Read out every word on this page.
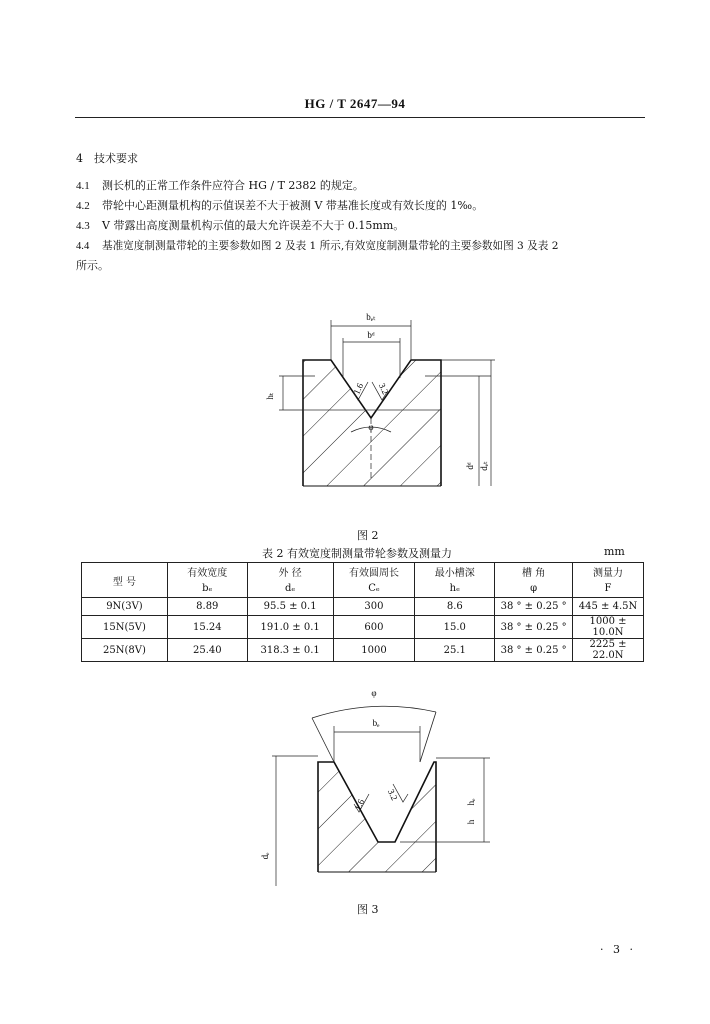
HG / T 2647—94
4 技术要求
4.1 测长机的正常工作条件应符合 HG / T 2382 的规定。
4.2 带轮中心距测量机构的示值误差不大于被测 V 带基准长度或有效长度的 1‰。
4.3 V 带露出高度测量机构示值的最大允许误差不大于 0.15mm。
4.4 基准宽度制测量带轮的主要参数如图 2 及表 1 所示,有效宽度制测量带轮的主要参数如图 3 及表 2
所示。
bₑₜ
bᵈ
hₜ
φ
dᵈ dₑₜ
1.6 3.2
图 2
表 2 有效宽度制测量带轮参数及测量力	mm
型 号	有效宽度	外 径	有效圆周长	最小槽深	槽 角	测量力
	bₑ	dₑ	Cₑ	hₑ	φ	F
9N(3V)	8.89	95.5 ± 0.1	300	8.6	38 ° ± 0.25 °	445 ± 4.5N
15N(5V)	15.24	191.0 ± 0.1	600	15.0	38 ° ± 0.25 °	1000 ± 10.0N
25N(8V)	25.40	318.3 ± 0.1	1000	25.1	38 ° ± 0.25 °	2225 ± 22.0N
φ
bₑ
h
hₑ
dₑ
1.6
3.2
图 3
· 3 ·
